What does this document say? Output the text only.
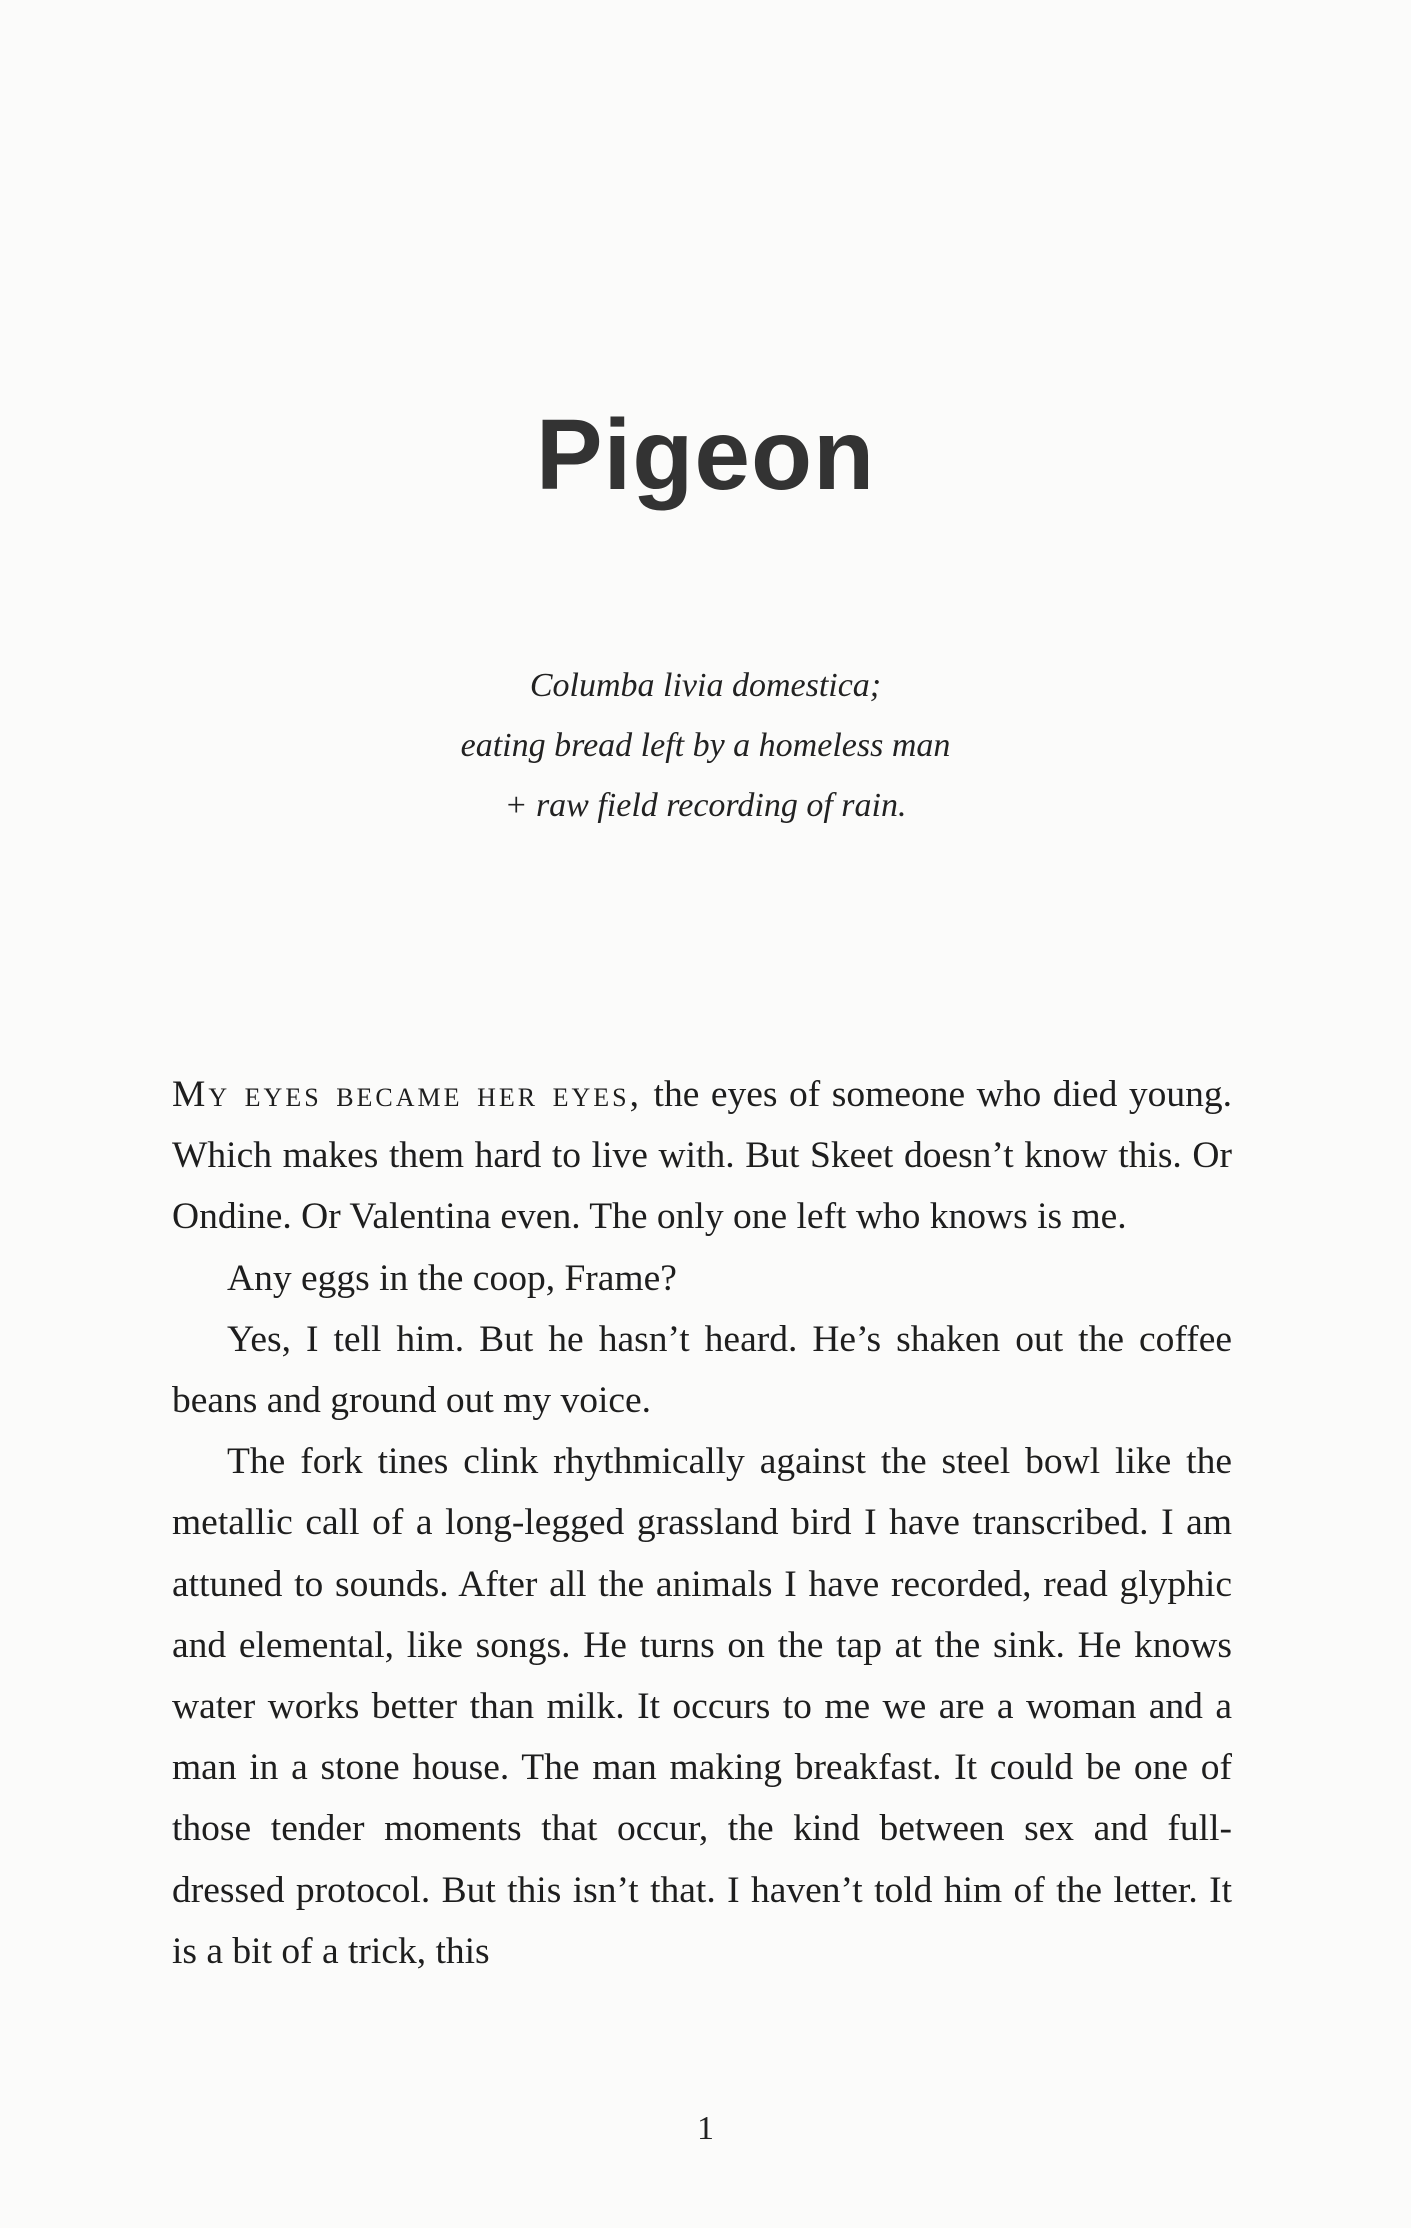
Pigeon
Columba livia domestica;
eating bread left by a homeless man
+ raw field recording of rain.

My eyes became her eyes, the eyes of someone who died young. Which makes them hard to live with. But Skeet doesn’t know this. Or Ondine. Or Valentina even. The only one left who knows is me.

Any eggs in the coop, Frame?

Yes, I tell him. But he hasn’t heard. He’s shaken out the coffee beans and ground out my voice.

The fork tines clink rhythmically against the steel bowl like the metallic call of a long-legged grassland bird I have transcribed. I am attuned to sounds. After all the animals I have recorded, read glyphic and elemental, like songs. He turns on the tap at the sink. He knows water works better than milk. It occurs to me we are a woman and a man in a stone house. The man making breakfast. It could be one of those tender moments that occur, the kind between sex and full-dressed protocol. But this isn’t that. I haven’t told him of the letter. It is a bit of a trick, this

1
